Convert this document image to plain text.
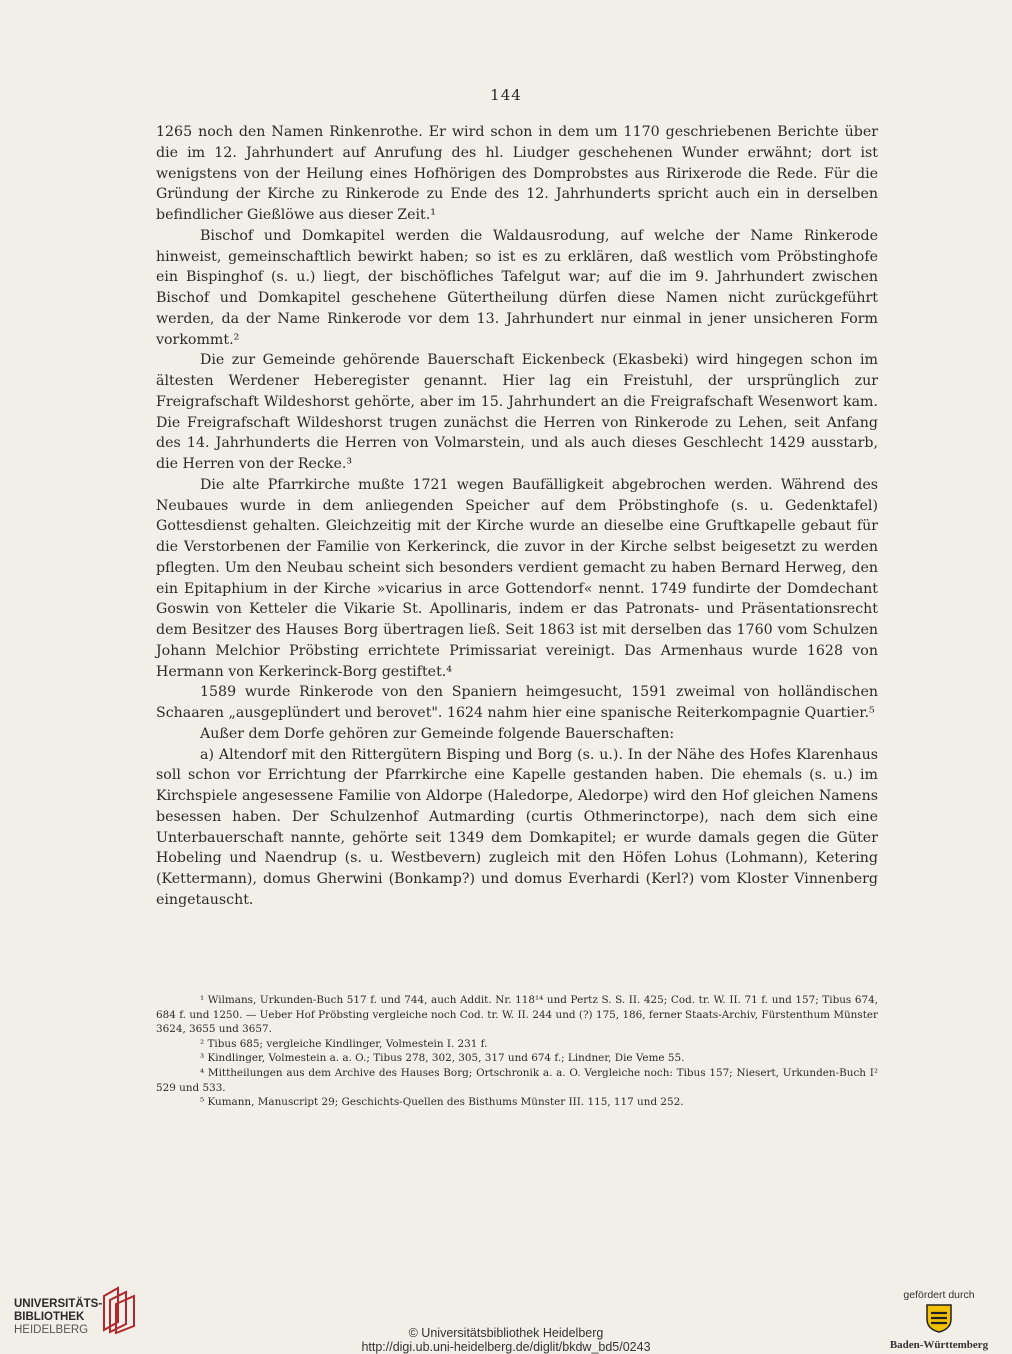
144

1265 noch den Namen Rinkenrothe. Er wird schon in dem um 1170 geschriebenen Berichte über die im 12. Jahrhundert auf Anrufung des hl. Liudger geschehenen Wunder erwähnt; dort ist wenigstens von der Heilung eines Hofhörigen des Domprobstes aus Ririxerode die Rede. Für die Gründung der Kirche zu Rinkerode zu Ende des 12. Jahrhunderts spricht auch ein in derselben befindlicher Gießlöwe aus dieser Zeit.¹

Bischof und Domkapitel werden die Waldausrodung, auf welche der Name Rinkerode hinweist, gemeinschaftlich bewirkt haben; so ist es zu erklären, daß westlich vom Pröbstinghofe ein Bispinghof (s. u.) liegt, der bischöfliches Tafelgut war; auf die im 9. Jahrhundert zwischen Bischof und Domkapitel geschehene Gütertheilung dürfen diese Namen nicht zurückgeführt werden, da der Name Rinkerode vor dem 13. Jahrhundert nur einmal in jener unsicheren Form vorkommt.²

Die zur Gemeinde gehörende Bauerschaft Eickenbeck (Ekasbeki) wird hingegen schon im ältesten Werdener Heberegister genannt. Hier lag ein Freistuhl, der ursprünglich zur Freigrafschaft Wildeshorst gehörte, aber im 15. Jahrhundert an die Freigrafschaft Wesenwort kam. Die Freigrafschaft Wildeshorst trugen zunächst die Herren von Rinkerode zu Lehen, seit Anfang des 14. Jahrhunderts die Herren von Volmarstein, und als auch dieses Geschlecht 1429 ausstarb, die Herren von der Recke.³

Die alte Pfarrkirche mußte 1721 wegen Baufälligkeit abgebrochen werden. Während des Neubaues wurde in dem anliegenden Speicher auf dem Pröbstinghofe (s. u. Gedenktafel) Gottesdienst gehalten. Gleichzeitig mit der Kirche wurde an dieselbe eine Gruftkapelle gebaut für die Verstorbenen der Familie von Kerkerinck, die zuvor in der Kirche selbst beigesetzt zu werden pflegten. Um den Neubau scheint sich besonders verdient gemacht zu haben Bernard Herweg, den ein Epitaphium in der Kirche »vicarius in arce Gottendorf« nennt. 1749 fundirte der Domdechant Goswin von Ketteler die Vikarie St. Apollinaris, indem er das Patronats- und Präsentationsrecht dem Besitzer des Hauses Borg übertragen ließ. Seit 1863 ist mit derselben das 1760 vom Schulzen Johann Melchior Pröbsting errichtete Primissariat vereinigt. Das Armenhaus wurde 1628 von Hermann von Kerkerinck-Borg gestiftet.⁴

1589 wurde Rinkerode von den Spaniern heimgesucht, 1591 zweimal von holländischen Schaaren „ausgeplündert und berovet". 1624 nahm hier eine spanische Reiterkompagnie Quartier.⁵

Außer dem Dorfe gehören zur Gemeinde folgende Bauerschaften:

a) Altendorf mit den Rittergütern Bisping und Borg (s. u.). In der Nähe des Hofes Klarenhaus soll schon vor Errichtung der Pfarrkirche eine Kapelle gestanden haben. Die ehemals (s. u.) im Kirchspiele angesessene Familie von Aldorpe (Haledorpe, Aledorpe) wird den Hof gleichen Namens besessen haben. Der Schulzenhof Autmarding (curtis Othmerinctorpe), nach dem sich eine Unterbauerschaft nannte, gehörte seit 1349 dem Domkapitel; er wurde damals gegen die Güter Hobeling und Naendrup (s. u. Westbevern) zugleich mit den Höfen Lohus (Lohmann), Ketering (Kettermann), domus Gherwini (Bonkamp?) und domus Everhardi (Kerl?) vom Kloster Vinnenberg eingetauscht.

¹ Wilmans, Urkunden-Buch 517 f. und 744, auch Addit. Nr. 118¹⁴ und Pertz S. S. II. 425; Cod. tr. W. II. 71 f. und 157; Tibus 674, 684 f. und 1250. — Ueber Hof Pröbsting vergleiche noch Cod. tr. W. II. 244 und (?) 175, 186, ferner Staats-Archiv, Fürstenthum Münster 3624, 3655 und 3657.

² Tibus 685; vergleiche Kindlinger, Volmestein I. 231 f.

³ Kindlinger, Volmestein a. a. O.; Tibus 278, 302, 305, 317 und 674 f.; Lindner, Die Veme 55.

⁴ Mittheilungen aus dem Archive des Hauses Borg; Ortschronik a. a. O. Vergleiche noch: Tibus 157; Niesert, Urkunden-Buch I² 529 und 533.

⁵ Kumann, Manuscript 29; Geschichts-Quellen des Bisthums Münster III. 115, 117 und 252.

UNIVERSITÄTS-
BIBLIOTHEK
HEIDELBERG	© Universitätsbibliothek Heidelberg
http://digi.ub.uni-heidelberg.de/diglit/bkdw_bd5/0243
gefördert durch
Baden-Württemberg
